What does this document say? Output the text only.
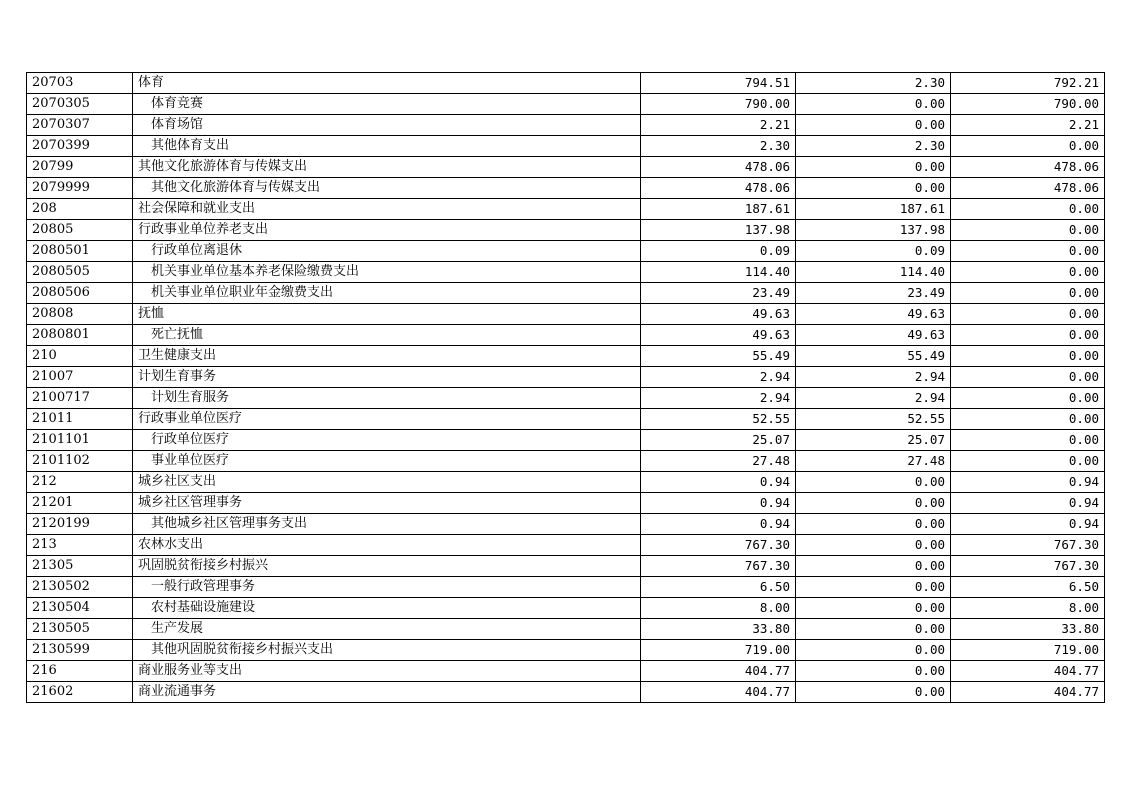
20703	体育	794.51	2.30	792.21
2070305	体育竞赛	790.00	0.00	790.00
2070307	体育场馆	2.21	0.00	2.21
2070399	其他体育支出	2.30	2.30	0.00
20799	其他文化旅游体育与传媒支出	478.06	0.00	478.06
2079999	其他文化旅游体育与传媒支出	478.06	0.00	478.06
208	社会保障和就业支出	187.61	187.61	0.00
20805	行政事业单位养老支出	137.98	137.98	0.00
2080501	行政单位离退休	0.09	0.09	0.00
2080505	机关事业单位基本养老保险缴费支出	114.40	114.40	0.00
2080506	机关事业单位职业年金缴费支出	23.49	23.49	0.00
20808	抚恤	49.63	49.63	0.00
2080801	死亡抚恤	49.63	49.63	0.00
210	卫生健康支出	55.49	55.49	0.00
21007	计划生育事务	2.94	2.94	0.00
2100717	计划生育服务	2.94	2.94	0.00
21011	行政事业单位医疗	52.55	52.55	0.00
2101101	行政单位医疗	25.07	25.07	0.00
2101102	事业单位医疗	27.48	27.48	0.00
212	城乡社区支出	0.94	0.00	0.94
21201	城乡社区管理事务	0.94	0.00	0.94
2120199	其他城乡社区管理事务支出	0.94	0.00	0.94
213	农林水支出	767.30	0.00	767.30
21305	巩固脱贫衔接乡村振兴	767.30	0.00	767.30
2130502	一般行政管理事务	6.50	0.00	6.50
2130504	农村基础设施建设	8.00	0.00	8.00
2130505	生产发展	33.80	0.00	33.80
2130599	其他巩固脱贫衔接乡村振兴支出	719.00	0.00	719.00
216	商业服务业等支出	404.77	0.00	404.77
21602	商业流通事务	404.77	0.00	404.77
